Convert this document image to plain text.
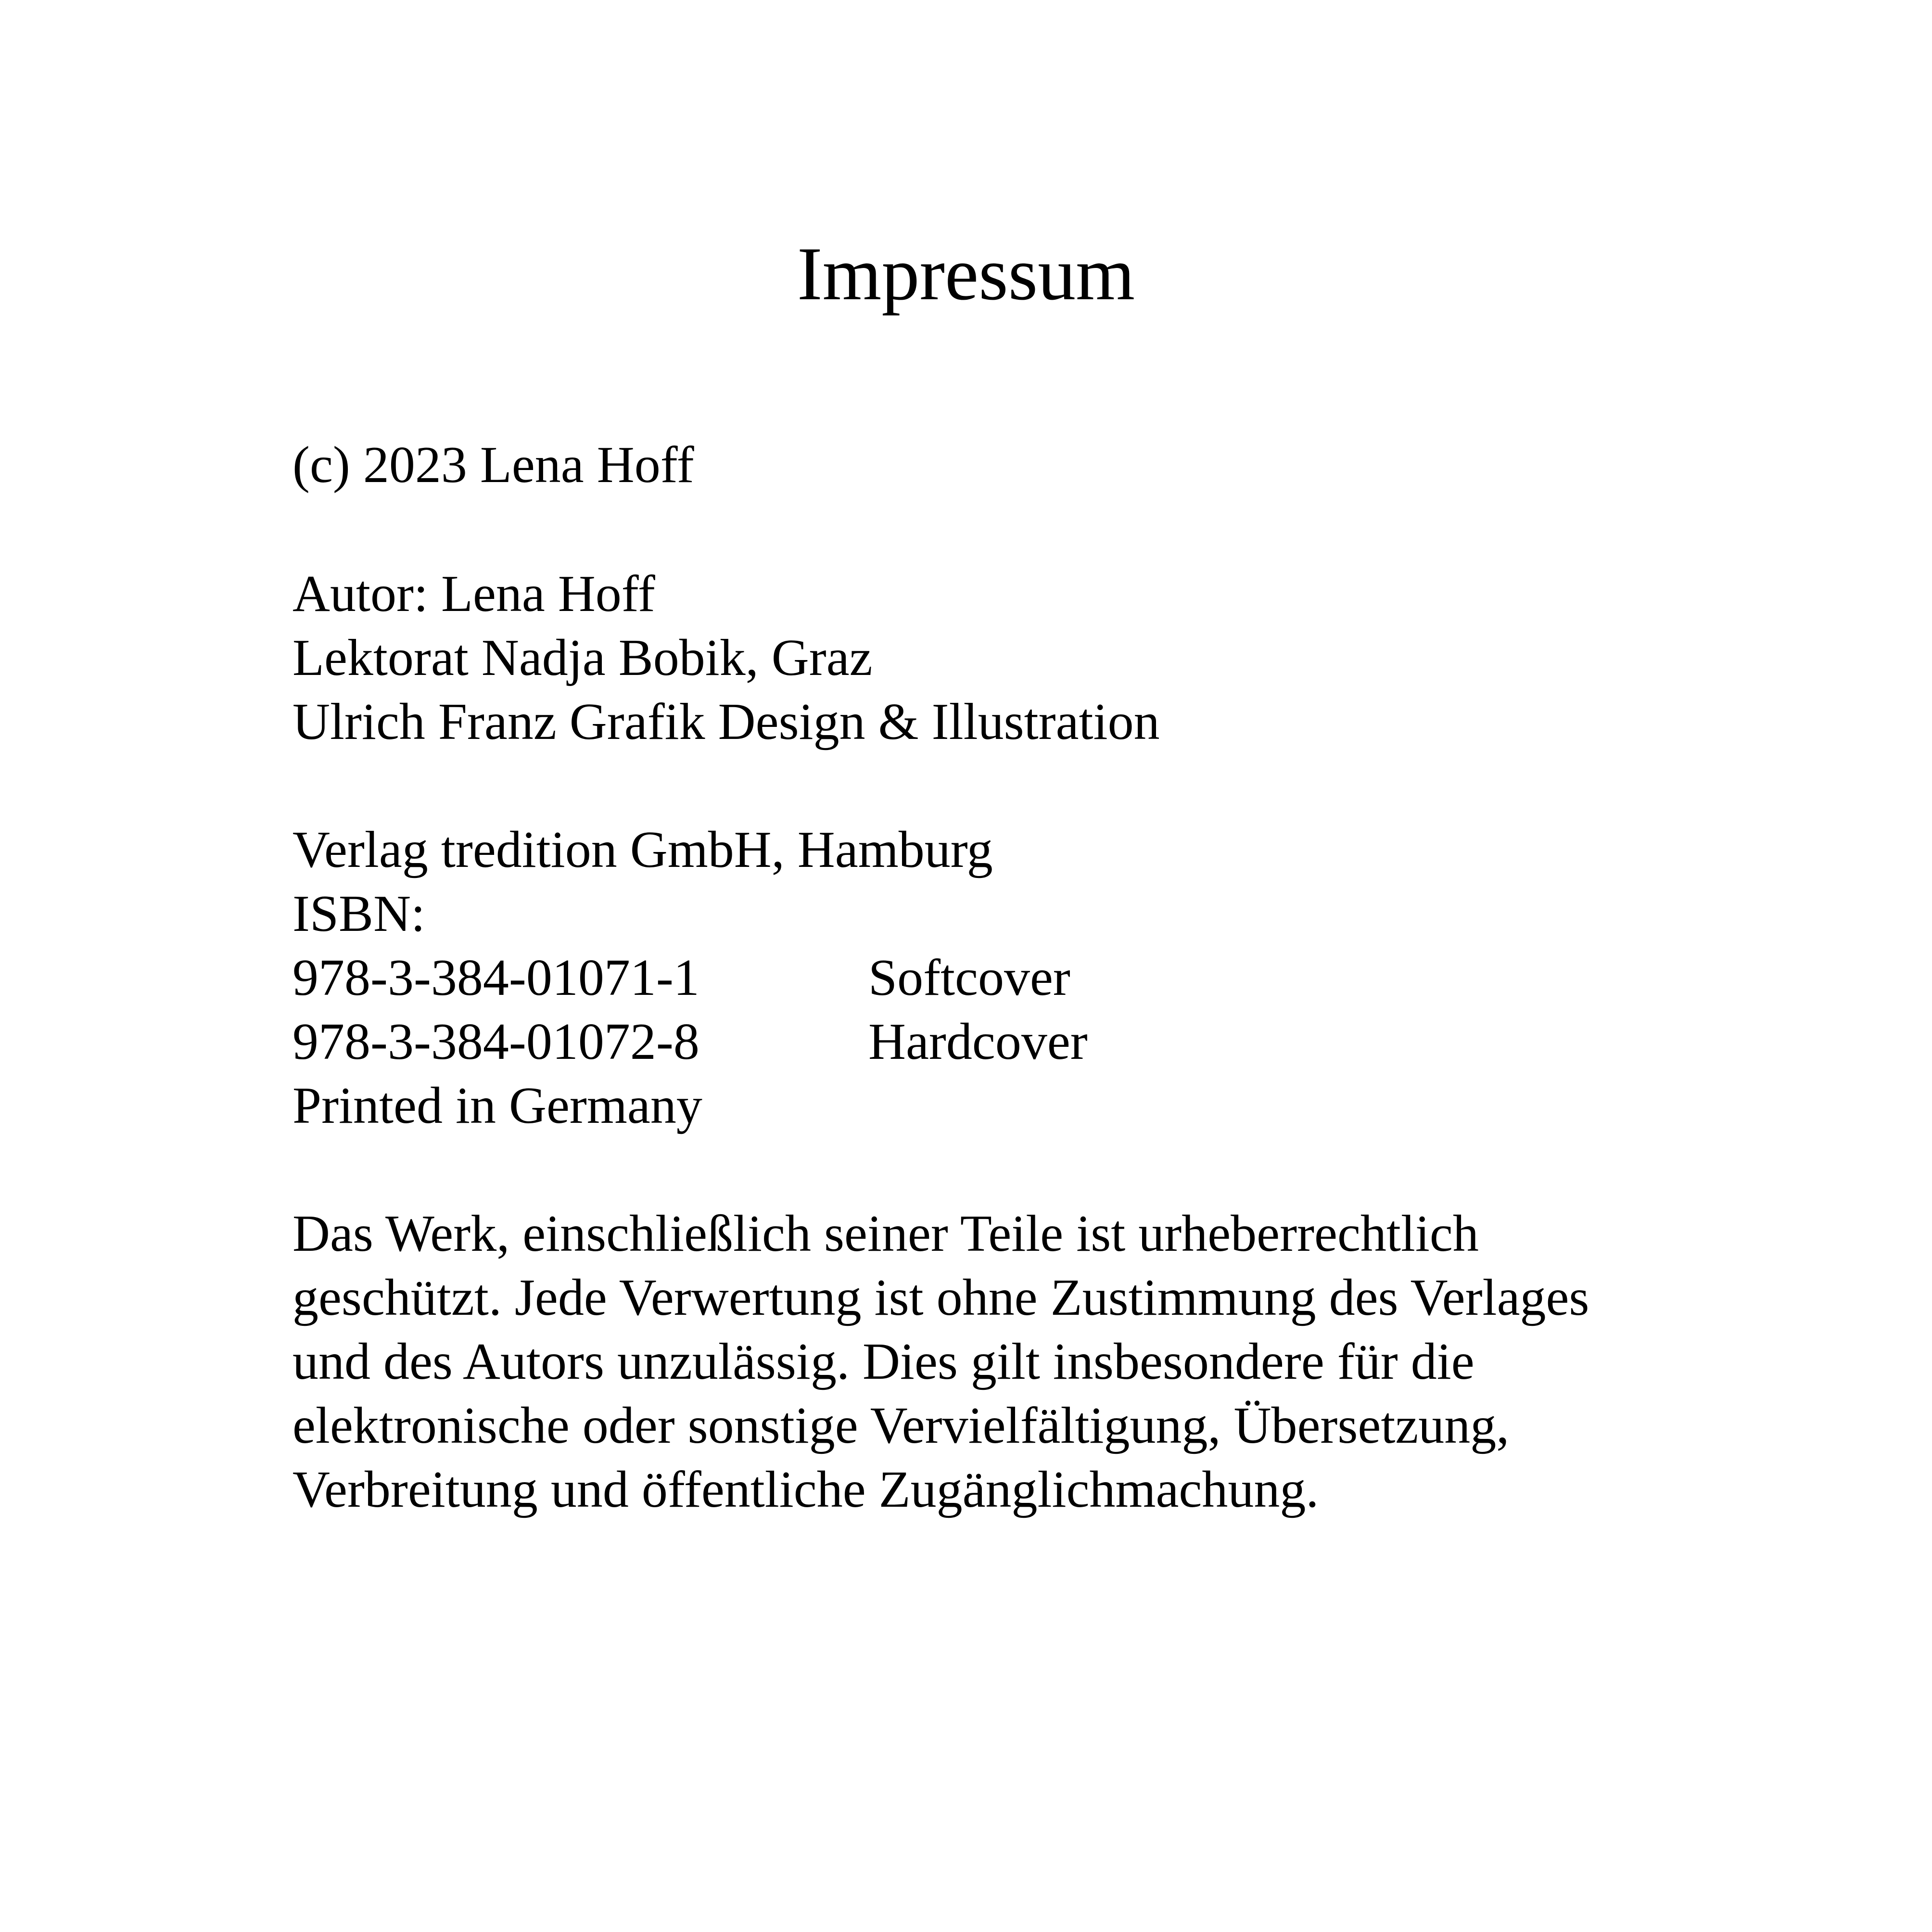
Impressum
(c) 2023 Lena Hoff
Autor: Lena Hoff
Lektorat Nadja Bobik, Graz
Ulrich Franz Grafik Design & Illustration
Verlag tredition GmbH, Hamburg
ISBN:
978-3-384-01071-1	Softcover
978-3-384-01072-8	Hardcover
Printed in Germany
Das Werk, einschließlich seiner Teile ist urheberrechtlich
geschützt. Jede Verwertung ist ohne Zustimmung des Verlages
und des Autors unzulässig. Dies gilt insbesondere für die
elektronische oder sonstige Vervielfältigung, Übersetzung,
Verbreitung und öffentliche Zugänglichmachung.
